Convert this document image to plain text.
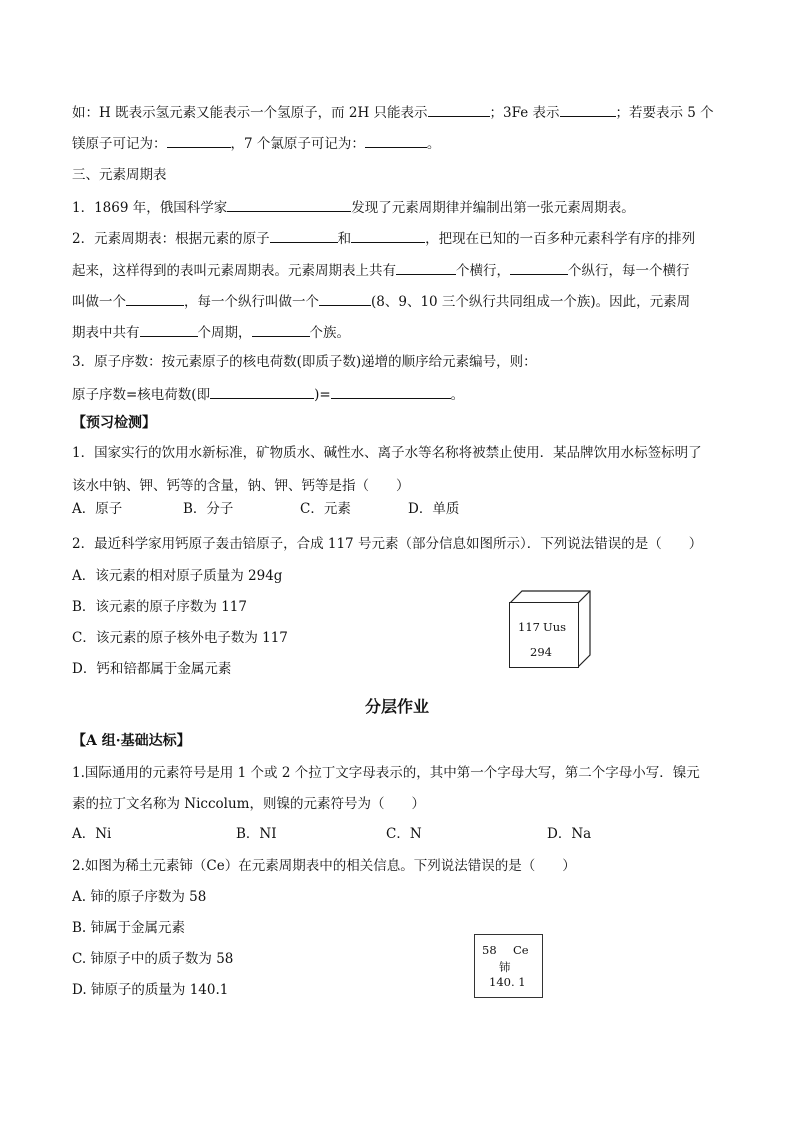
如：H 既表示氢元素又能表示一个氢原子，而 2H 只能表示	；3Fe 表示	；若要表示 5 个
镁原子可记为：	，7 个氯原子可记为：	。
三、元素周期表
1．1869 年，俄国科学家	发现了元素周期律并编制出第一张元素周期表。
2．元素周期表：根据元素的原子	和	，把现在已知的一百多种元素科学有序的排列
起来，这样得到的表叫元素周期表。元素周期表上共有	个横行，	个纵行，每一个横行
叫做一个	，每一个纵行叫做一个	(8、9、10 三个纵行共同组成一个族)。因此，元素周
期表中共有	个周期，	个族。
3．原子序数：按元素原子的核电荷数(即质子数)递增的顺序给元素编号，则：
原子序数=核电荷数(即	)=	。
【预习检测】
1．国家实行的饮用水新标准，矿物质水、碱性水、离子水等名称将被禁止使用．某品牌饮用水标签标明了
该水中钠、钾、钙等的含量，钠、钾、钙等是指（　　）
A．原子	B．分子	C．元素	D．单质
2．最近科学家用钙原子轰击锫原子，合成 117 号元素（部分信息如图所示）．下列说法错误的是（　　）
A．该元素的相对原子质量为 294g
B．该元素的原子序数为 117
C．该元素的原子核外电子数为 117
D．钙和锫都属于金属元素
117 Uus
294
分层作业
【A 组·基础达标】
1.国际通用的元素符号是用 1 个或 2 个拉丁文字母表示的，其中第一个字母大写，第二个字母小写．镍元
素的拉丁文名称为 Niccolum，则镍的元素符号为（　　）
A．Ni	B．NI	C．N	D．Na
2.如图为稀土元素铈（Ce）在元素周期表中的相关信息。下列说法错误的是（　　）
A. 铈的原子序数为 58
B. 铈属于金属元素
C. 铈原子中的质子数为 58
D. 铈原子的质量为 140.1
58 Ce
铈
140. 1
